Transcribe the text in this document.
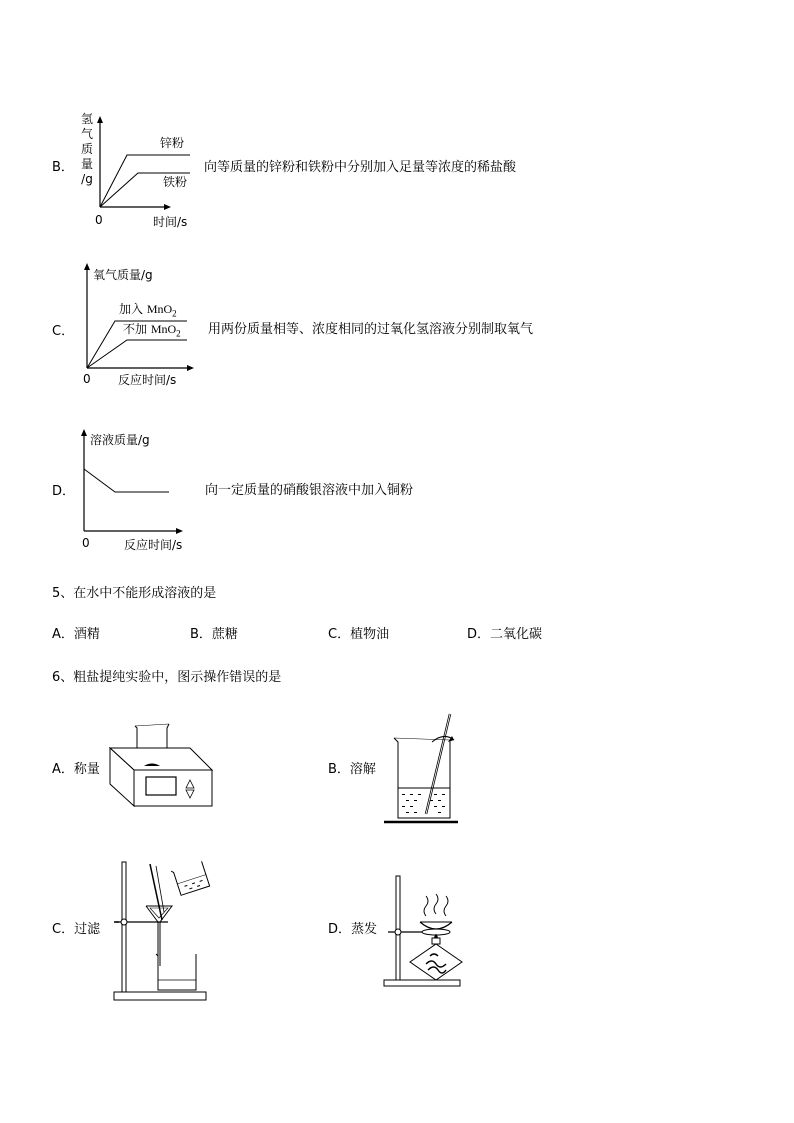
B．
氢
气
质
量
/g
锌粉
铁粉
0	时间/s
向等质量的锌粉和铁粉中分别加入足量等浓度的稀盐酸
C．
氧气质量/g
加入 MnO$_2$
不加 MnO$_2$
0 反应时间/s
用两份质量相等、浓度相同的过氧化氢溶液分别制取氧气
D．
溶液质量/g
0	反应时间/s
向一定质量的硝酸银溶液中加入铜粉
5、在水中不能形成溶液的是
A．酒精	B．蔗糖	C．植物油	D．二氧化碳
6、粗盐提纯实验中，图示操作错误的是
A．称量	B．溶解
C．过滤	D．蒸发
